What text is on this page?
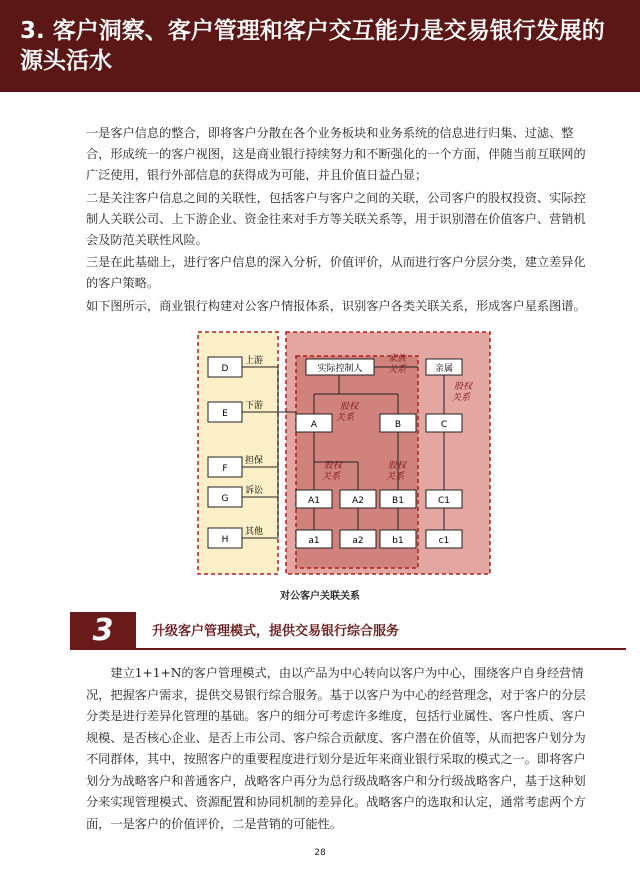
3. 客户洞察、客户管理和客户交互能力是交易银行发展的源头活水

一是客户信息的整合，即将客户分散在各个业务板块和业务系统的信息进行归集、过滤、整合，形成统一的客户视图，这是商业银行持续努力和不断强化的一个方面，伴随当前互联网的广泛使用，银行外部信息的获得成为可能，并且价值日益凸显；

二是关注客户信息之间的关联性，包括客户与客户之间的关联，公司客户的股权投资、实际控制人关联公司、上下游企业、资金往来对手方等关联关系等，用于识别潜在价值客户、营销机会及防范关联性风险。

三是在此基础上，进行客户信息的深入分析，价值评价，从而进行客户分层分类，建立差异化的客户策略。

如下图所示，商业银行构建对公客户情报体系，识别客户各类关联关系，形成客户星系图谱。

D
E
F
G
H
上游
下游
担保
诉讼
其他
实际控制人	亲属
家族
关系
股权
关系
股权
关系
股权
关系
股权
关系
A	B	C
A1	A2	B1	C1
a1	a2	b1	c1
对公客户关联关系
3	升级客户管理模式，提供交易银行综合服务

建立1+1+N的客户管理模式，由以产品为中心转向以客户为中心，围绕客户自身经营情况，把握客户需求，提供交易银行综合服务。基于以客户为中心的经营理念，对于客户的分层分类是进行差异化管理的基础。客户的细分可考虑许多维度，包括行业属性、客户性质、客户规模、是否核心企业、是否上市公司、客户综合贡献度、客户潜在价值等，从而把客户划分为不同群体，其中，按照客户的重要程度进行划分是近年来商业银行采取的模式之一。即将客户划分为战略客户和普通客户，战略客户再分为总行级战略客户和分行级战略客户，基于这种划分来实现管理模式、资源配置和协同机制的差异化。战略客户的选取和认定，通常考虑两个方面，一是客户的价值评价，二是营销的可能性。

28
